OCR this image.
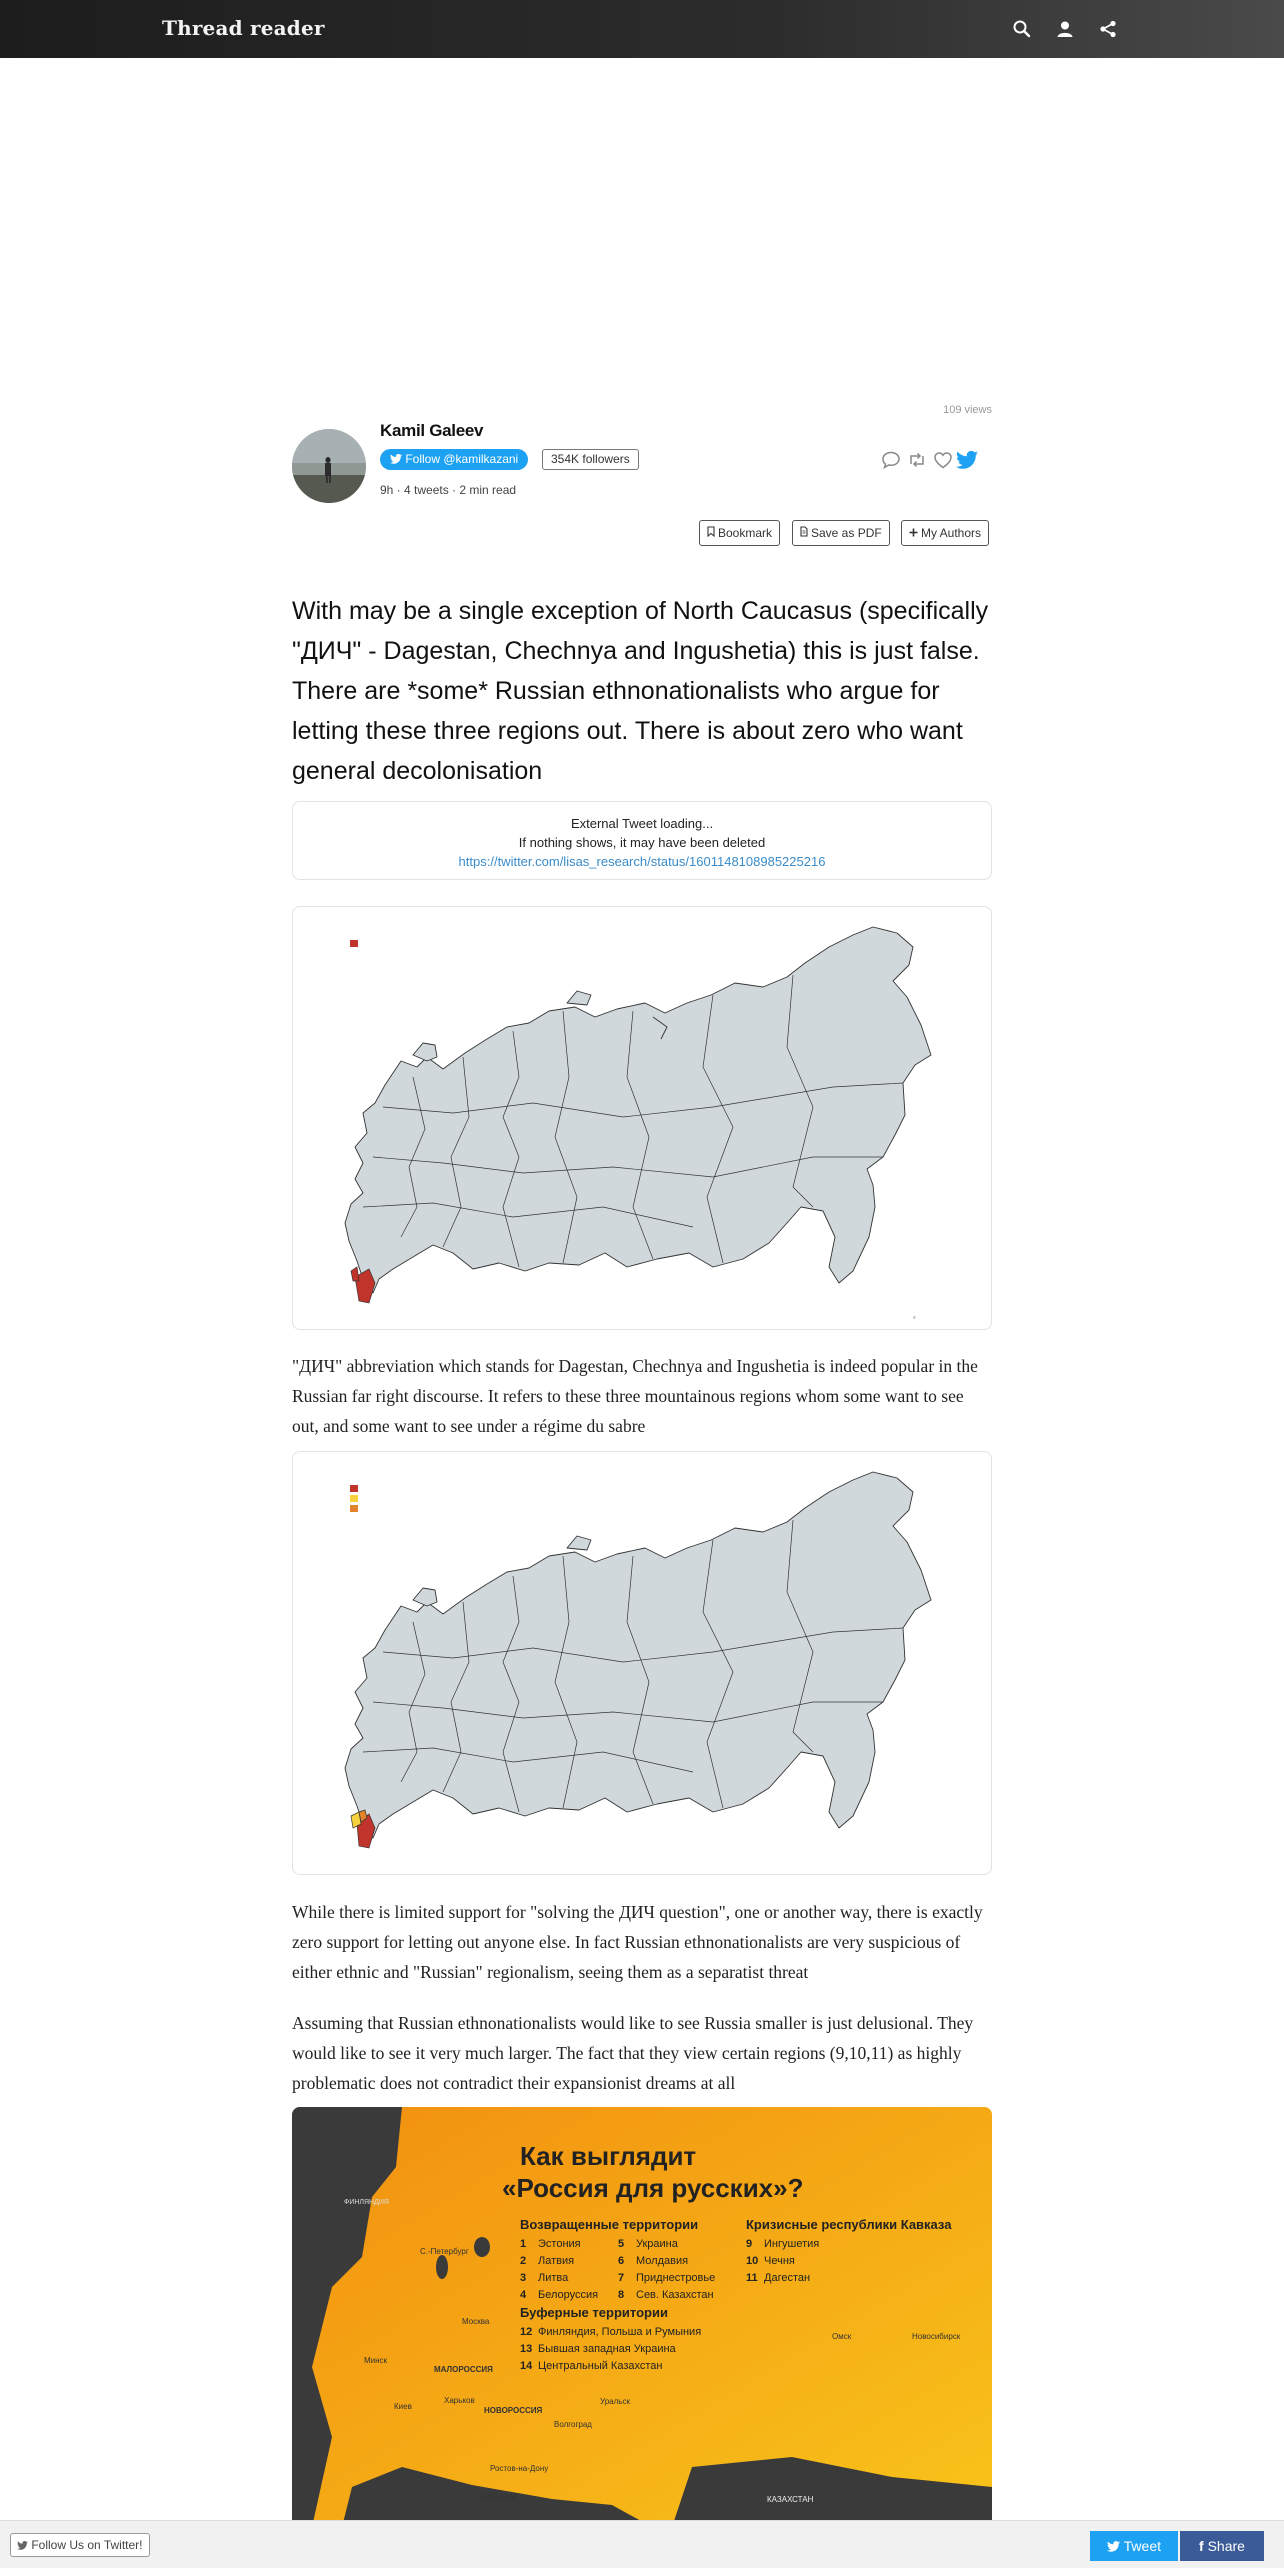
Thread reader
109 views
Kamil Galeev
Follow @kamilkazani	354K followers
9h · 4 tweets · 2 min read
Bookmark	Save as PDF	My Authors
With may be a single exception of North Caucasus (specifically "ДИЧ" - Dagestan, Chechnya and Ingushetia) this is just false. There are *some* Russian ethnonationalists who argue for letting these three regions out. There is about zero who want general decolonisation
External Tweet loading...
If nothing shows, it may have been deleted
https://twitter.com/lisas_research/status/1601148108985225216
©
"ДИЧ" abbreviation which stands for Dagestan, Chechnya and Ingushetia is indeed popular in the Russian far right discourse. It refers to these three mountainous regions whom some want to see out, and some want to see under a régime du sabre
While there is limited support for "solving the ДИЧ question", one or another way, there is exactly zero support for letting out anyone else. In fact Russian ethnonationalists are very suspicious of either ethnic and "Russian" regionalism, seeing them as a separatist threat
Assuming that Russian ethnonationalists would like to see Russia smaller is just delusional. They would like to see it very much larger. The fact that they view certain regions (9,10,11) as highly problematic does not contradict their expansionist dreams at all
Как выглядит
«Россия для русских»?
Возвращенные территории	Кризисные республики Кавказа
Буферные территории
1 Эстония
2 Латвия
3 Литва
4 Белоруссия
5 Украина
6 Молдавия
7 Приднестровье
8 Сев. Казахстан
9 Ингушетия
10 Чечня
11 Дагестан
12 Финляндия, Польша и Румыния
13 Бывшая западная Украина
14 Центральный Казахстан
ФИНЛЯНДИЯ
С.-Петербург
Москва
МАЛОРОССИЯ
НОВОРОССИЯ
Омск	Новосибирск
КАЗАХСТАН
Уральск
Минск
Киев
Харьков
Волгоград
Ростов-на-Дону
Краснодар
Follow Us on Twitter!	Tweet	f Share
